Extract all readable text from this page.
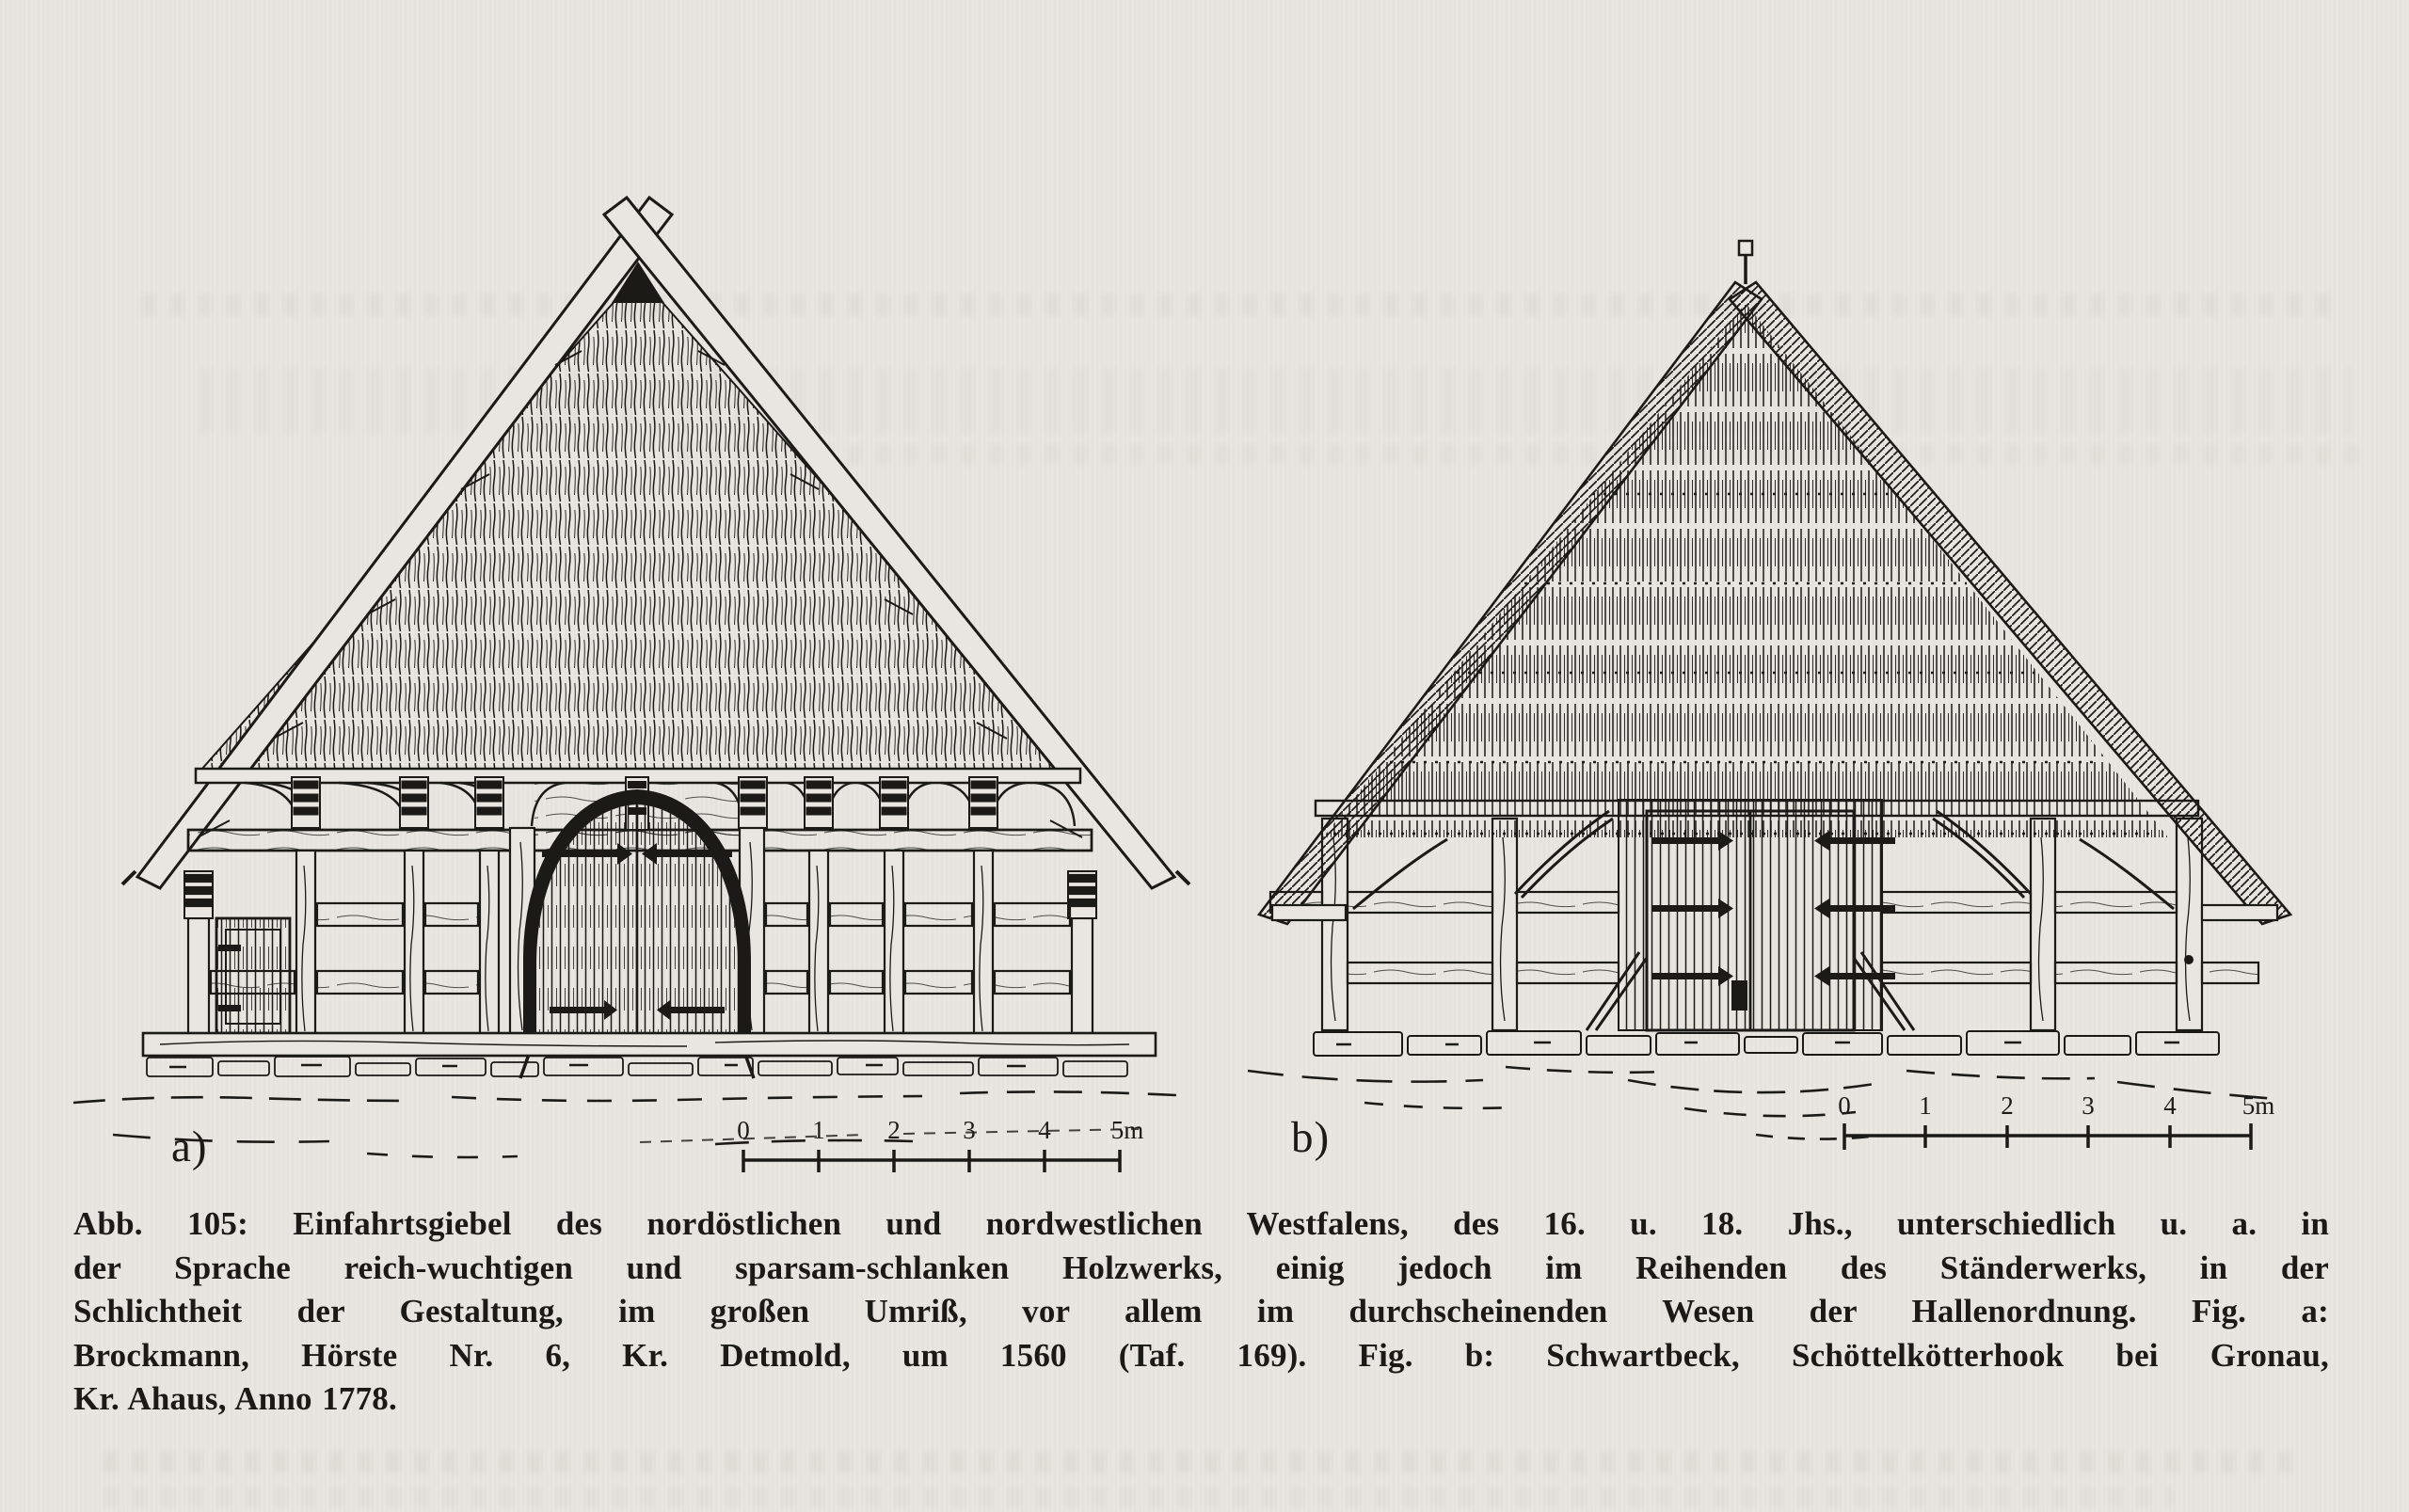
0 1 2 3 4 5m
0	1	2	3	4	5m
a)	b)
Abb. 105: Einfahrtsgiebel des nordöstlichen und nordwestlichen Westfalens, des 16. u. 18. Jhs., unterschiedlich u. a. in
der Sprache reich-wuchtigen und sparsam-schlanken Holzwerks, einig jedoch im Reihenden des Ständerwerks, in der
Schlichtheit der Gestaltung, im großen Umriß, vor allem im durchscheinenden Wesen der Hallenordnung. Fig. a:
Brockmann, Hörste Nr. 6, Kr. Detmold, um 1560 (Taf. 169). Fig. b: Schwartbeck, Schöttelkötterhook bei Gronau,
Kr. Ahaus, Anno 1778.
